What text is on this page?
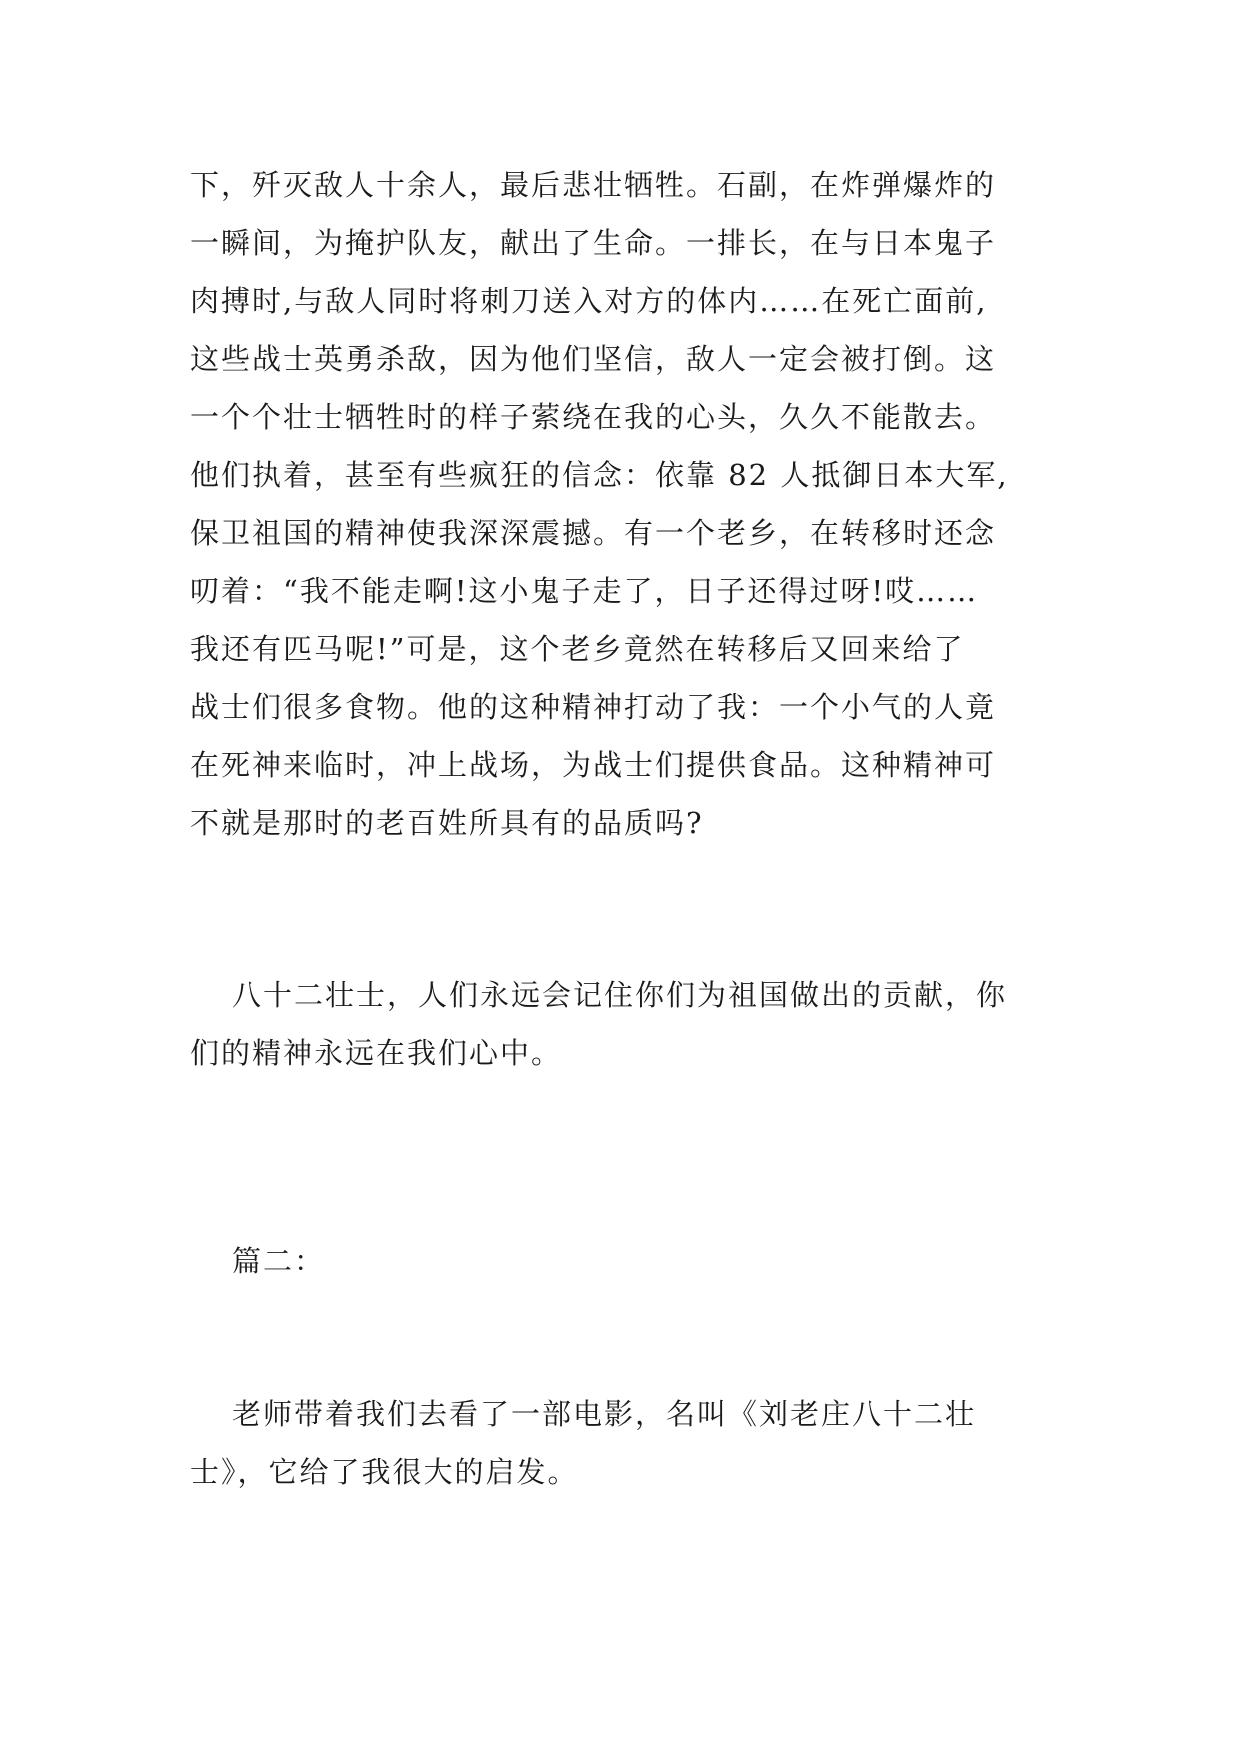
下，歼灭敌人十余人，最后悲壮牺牲。石副，在炸弹爆炸的
一瞬间，为掩护队友，献出了生命。一排长，在与日本鬼子
肉搏时,与敌人同时将刺刀送入对方的体内……在死亡面前,
这些战士英勇杀敌，因为他们坚信，敌人一定会被打倒。这
一个个壮士牺牲时的样子萦绕在我的心头，久久不能散去。
他们执着，甚至有些疯狂的信念：依靠 82 人抵御日本大军,
保卫祖国的精神使我深深震撼。有一个老乡，在转移时还念
叨着：“我不能走啊!这小鬼子走了，日子还得过呀!哎……
我还有匹马呢!”可是，这个老乡竟然在转移后又回来给了
战士们很多食物。他的这种精神打动了我：一个小气的人竟
在死神来临时，冲上战场，为战士们提供食品。这种精神可
不就是那时的老百姓所具有的品质吗?
八十二壮士，人们永远会记住你们为祖国做出的贡献，你
们的精神永远在我们心中。
篇二：
老师带着我们去看了一部电影，名叫《刘老庄八十二壮
士》，它给了我很大的启发。
